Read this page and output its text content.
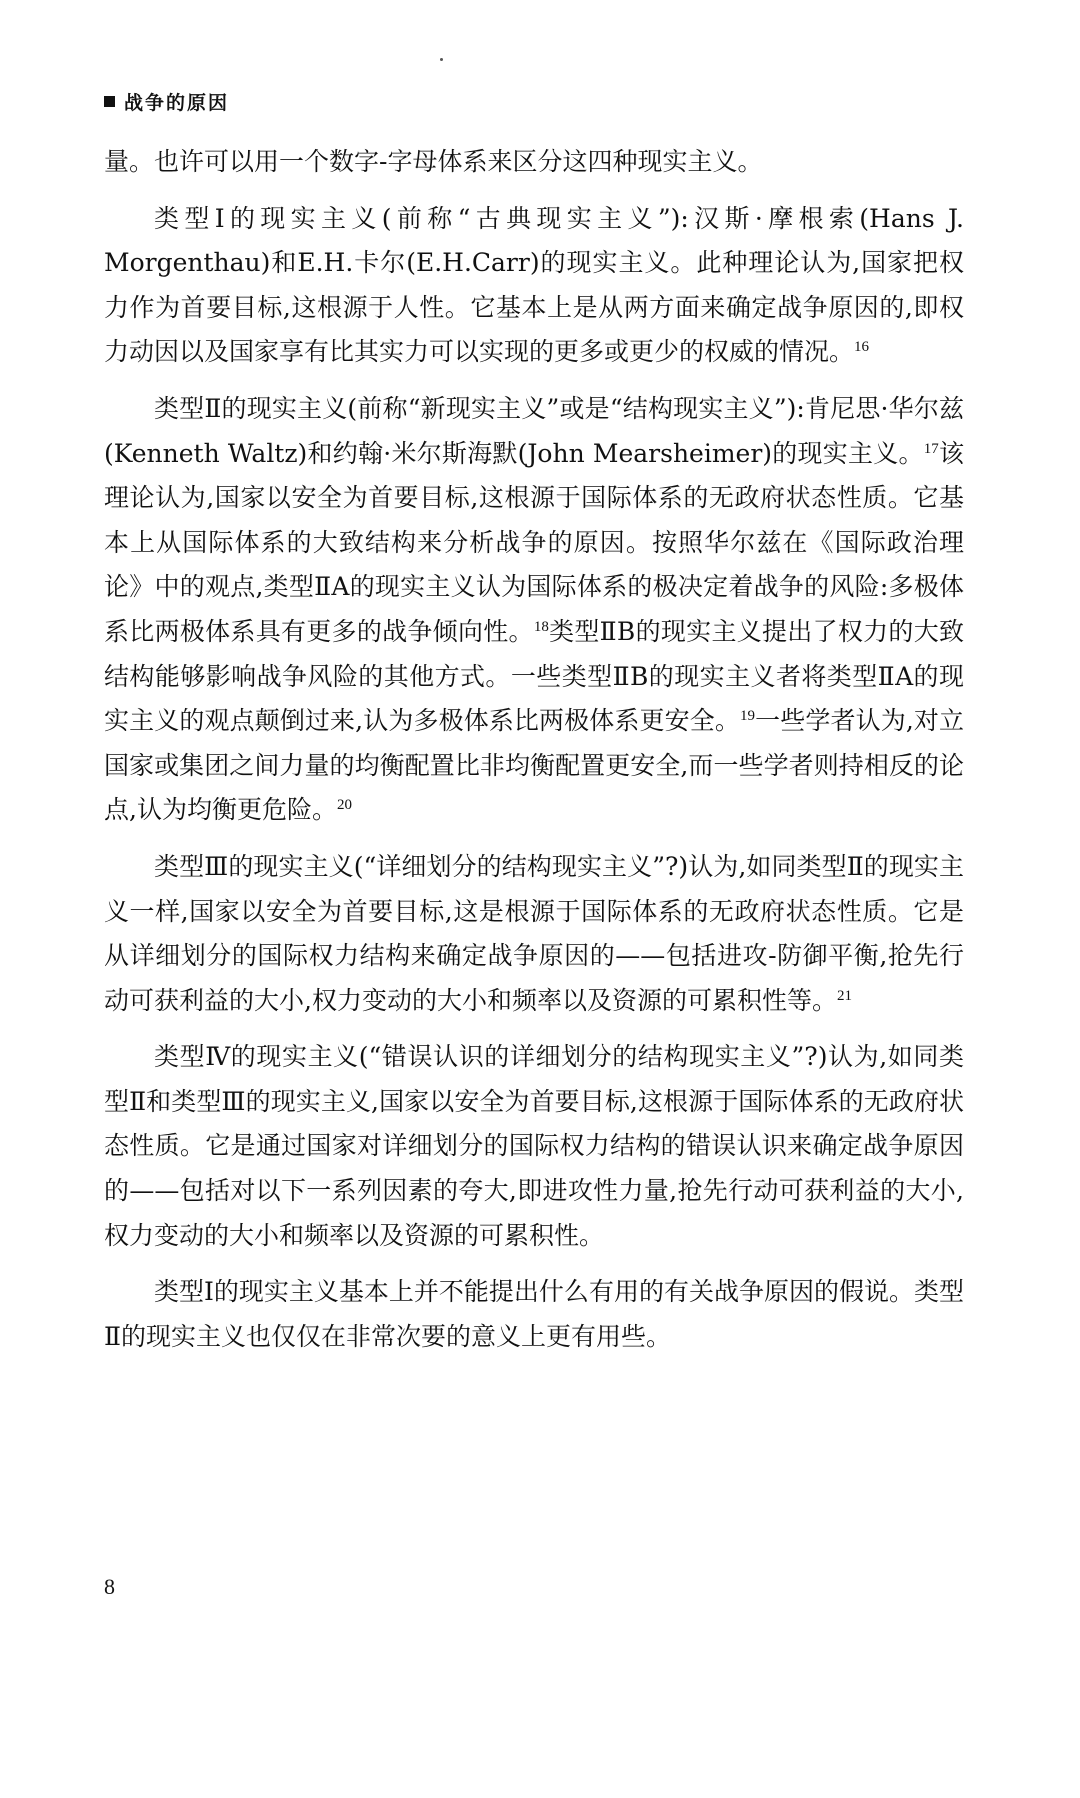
战争的原因

量。也许可以用一个数字-字母体系来区分这四种现实主义。

类型Ⅰ的现实主义(前称“古典现实主义”):汉斯·摩根索(Hans J. Morgenthau)和E.H.卡尔(E.H.Carr)的现实主义。此种理论认为,国家把权力作为首要目标,这根源于人性。它基本上是从两方面来确定战争原因的,即权力动因以及国家享有比其实力可以实现的更多或更少的权威的情况。$^{16}$

类型Ⅱ的现实主义(前称“新现实主义”或是“结构现实主义”):肯尼思·华尔兹(Kenneth Waltz)和约翰·米尔斯海默(John Mearsheimer)的现实主义。$^{17}$该理论认为,国家以安全为首要目标,这根源于国际体系的无政府状态性质。它基本上从国际体系的大致结构来分析战争的原因。按照华尔兹在《国际政治理论》中的观点,类型ⅡA的现实主义认为国际体系的极决定着战争的风险:多极体系比两极体系具有更多的战争倾向性。$^{18}$类型ⅡB的现实主义提出了权力的大致结构能够影响战争风险的其他方式。一些类型ⅡB的现实主义者将类型ⅡA的现实主义的观点颠倒过来,认为多极体系比两极体系更安全。$^{19}$一些学者认为,对立国家或集团之间力量的均衡配置比非均衡配置更安全,而一些学者则持相反的论点,认为均衡更危险。$^{20}$

类型Ⅲ的现实主义(“详细划分的结构现实主义”?)认为,如同类型Ⅱ的现实主义一样,国家以安全为首要目标,这是根源于国际体系的无政府状态性质。它是从详细划分的国际权力结构来确定战争原因的——包括进攻-防御平衡,抢先行动可获利益的大小,权力变动的大小和频率以及资源的可累积性等。$^{21}$

类型Ⅳ的现实主义(“错误认识的详细划分的结构现实主义”?)认为,如同类型Ⅱ和类型Ⅲ的现实主义,国家以安全为首要目标,这根源于国际体系的无政府状态性质。它是通过国家对详细划分的国际权力结构的错误认识来确定战争原因的——包括对以下一系列因素的夸大,即进攻性力量,抢先行动可获利益的大小,权力变动的大小和频率以及资源的可累积性。

类型Ⅰ的现实主义基本上并不能提出什么有用的有关战争原因的假说。类型Ⅱ的现实主义也仅仅在非常次要的意义上更有用些。

8
